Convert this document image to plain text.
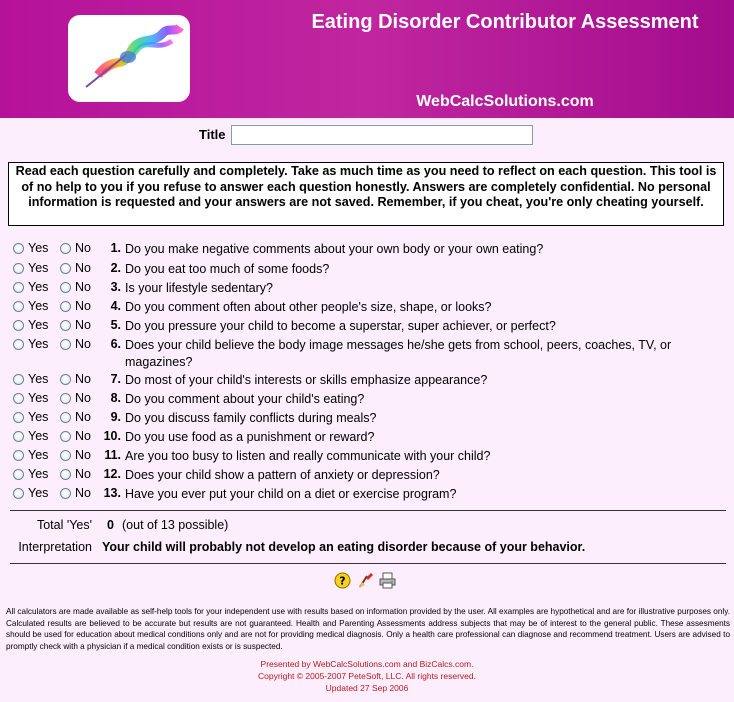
Eating Disorder Contributor Assessment
WebCalcSolutions.com
Title
Read each question carefully and completely. Take as much time as you need to reflect on each question. This tool is of no help to you if you refuse to answer each question honestly. Answers are completely confidential. No personal information is requested and your answers are not saved. Remember, if you cheat, you're only cheating yourself.
Yes No	1. Do you make negative comments about your own body or your own eating?
Yes No	2. Do you eat too much of some foods?
Yes No	3. Is your lifestyle sedentary?
Yes No	4. Do you comment often about other people's size, shape, or looks?
Yes No	5. Do you pressure your child to become a superstar, super achiever, or perfect?
Yes No	6. Does your child believe the body image messages he/she gets from school, peers, coaches, TV, or magazines?
Yes No	7. Do most of your child's interests or skills emphasize appearance?
Yes No	8. Do you comment about your child's eating?
Yes No	9. Do you discuss family conflicts during meals?
Yes No 10. Do you use food as a punishment or reward?
Yes No 11. Are you too busy to listen and really communicate with your child?
Yes No 12. Does your child show a pattern of anxiety or depression?
Yes No 13. Have you ever put your child on a diet or exercise program?
Total 'Yes' 0 (out of 13 possible)
Interpretation Your child will probably not develop an eating disorder because of your behavior.
?
All calculators are made available as self-help tools for your independent use with results based on information provided by the user. All examples are hypothetical and are for illustrative purposes only. Calculated results are believed to be accurate but results are not guaranteed. Health and Parenting Assessments address subjects that may be of interest to the general public. These assesments should be used for education about medical conditions only and are not for providing medical diagnosis. Only a health care professional can diagnose and recommend treatment. Users are advised to promptly check with a physician if a medical condition exists or is suspected.
Presented by WebCalcSolutions.com and BizCalcs.com.
Copyright © 2005-2007 PeteSoft, LLC. All rights reserved.
Updated 27 Sep 2006
